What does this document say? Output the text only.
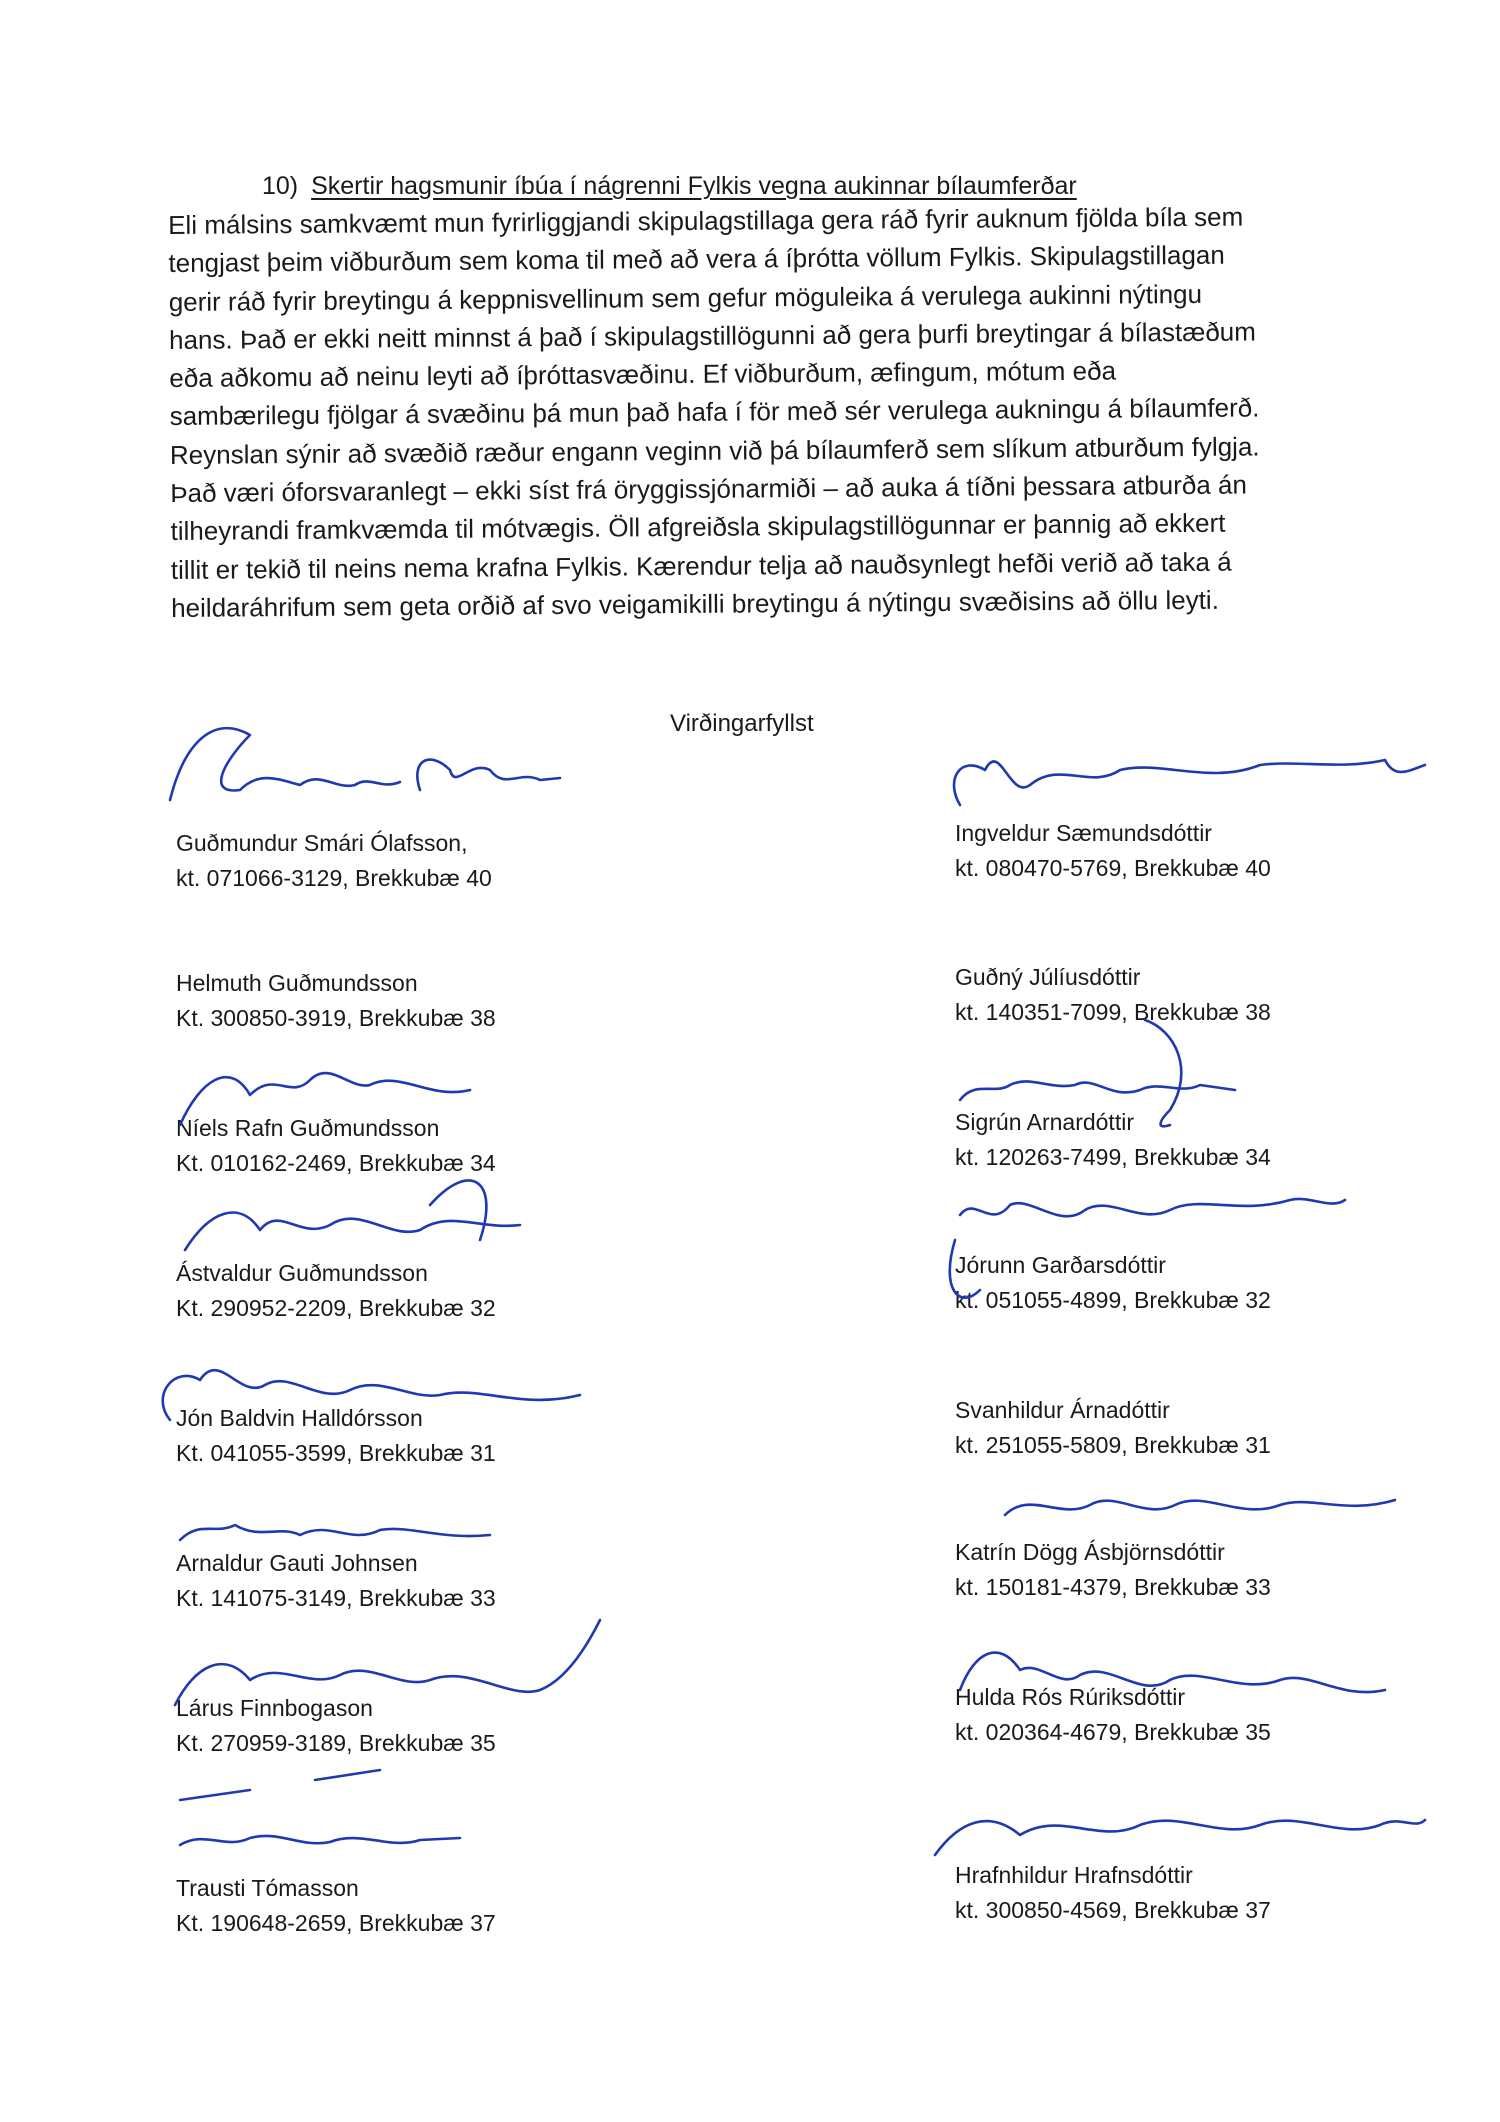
10) Skertir hagsmunir íbúa í nágrenni Fylkis vegna aukinnar bílaumferðar

Eli málsins samkvæmt mun fyrirliggjandi skipulagstillaga gera ráð fyrir auknum fjölda bíla sem
tengjast þeim viðburðum sem koma til með að vera á íþrótta völlum Fylkis. Skipulagstillagan
gerir ráð fyrir breytingu á keppnisvellinum sem gefur möguleika á verulega aukinni nýtingu
hans. Það er ekki neitt minnst á það í skipulagstillögunni að gera þurfi breytingar á bílastæðum
eða aðkomu að neinu leyti að íþróttasvæðinu. Ef viðburðum, æfingum, mótum eða
sambærilegu fjölgar á svæðinu þá mun það hafa í för með sér verulega aukningu á bílaumferð.
Reynslan sýnir að svæðið ræður engann veginn við þá bílaumferð sem slíkum atburðum fylgja.
Það væri óforsvaranlegt – ekki síst frá öryggissjónarmiði – að auka á tíðni þessara atburða án
tilheyrandi framkvæmda til mótvægis. Öll afgreiðsla skipulagstillögunnar er þannig að ekkert
tillit er tekið til neins nema krafna Fylkis. Kærendur telja að nauðsynlegt hefði verið að taka á
heildaráhrifum sem geta orðið af svo veigamikilli breytingu á nýtingu svæðisins að öllu leyti.

Virðingarfyllst
Guðmundur Smári Ólafsson,
kt. 071066-3129, Brekkubæ 40
Helmuth Guðmundsson
Kt. 300850-3919, Brekkubæ 38
Níels Rafn Guðmundsson
Kt. 010162-2469, Brekkubæ 34
Ástvaldur Guðmundsson
Kt. 290952-2209, Brekkubæ 32
Jón Baldvin Halldórsson
Kt. 041055-3599, Brekkubæ 31
Arnaldur Gauti Johnsen
Kt. 141075-3149, Brekkubæ 33
Lárus Finnbogason
Kt. 270959-3189, Brekkubæ 35
Trausti Tómasson
Kt. 190648-2659, Brekkubæ 37
Ingveldur Sæmundsdóttir
kt. 080470-5769, Brekkubæ 40
Guðný Júlíusdóttir
kt. 140351-7099, Brekkubæ 38
Sigrún Arnardóttir
kt. 120263-7499, Brekkubæ 34
Jórunn Garðarsdóttir
kt. 051055-4899, Brekkubæ 32
Svanhildur Árnadóttir
kt. 251055-5809, Brekkubæ 31
Katrín Dögg Ásbjörnsdóttir
kt. 150181-4379, Brekkubæ 33
Hulda Rós Rúriksdóttir
kt. 020364-4679, Brekkubæ 35
Hrafnhildur Hrafnsdóttir
kt. 300850-4569, Brekkubæ 37
